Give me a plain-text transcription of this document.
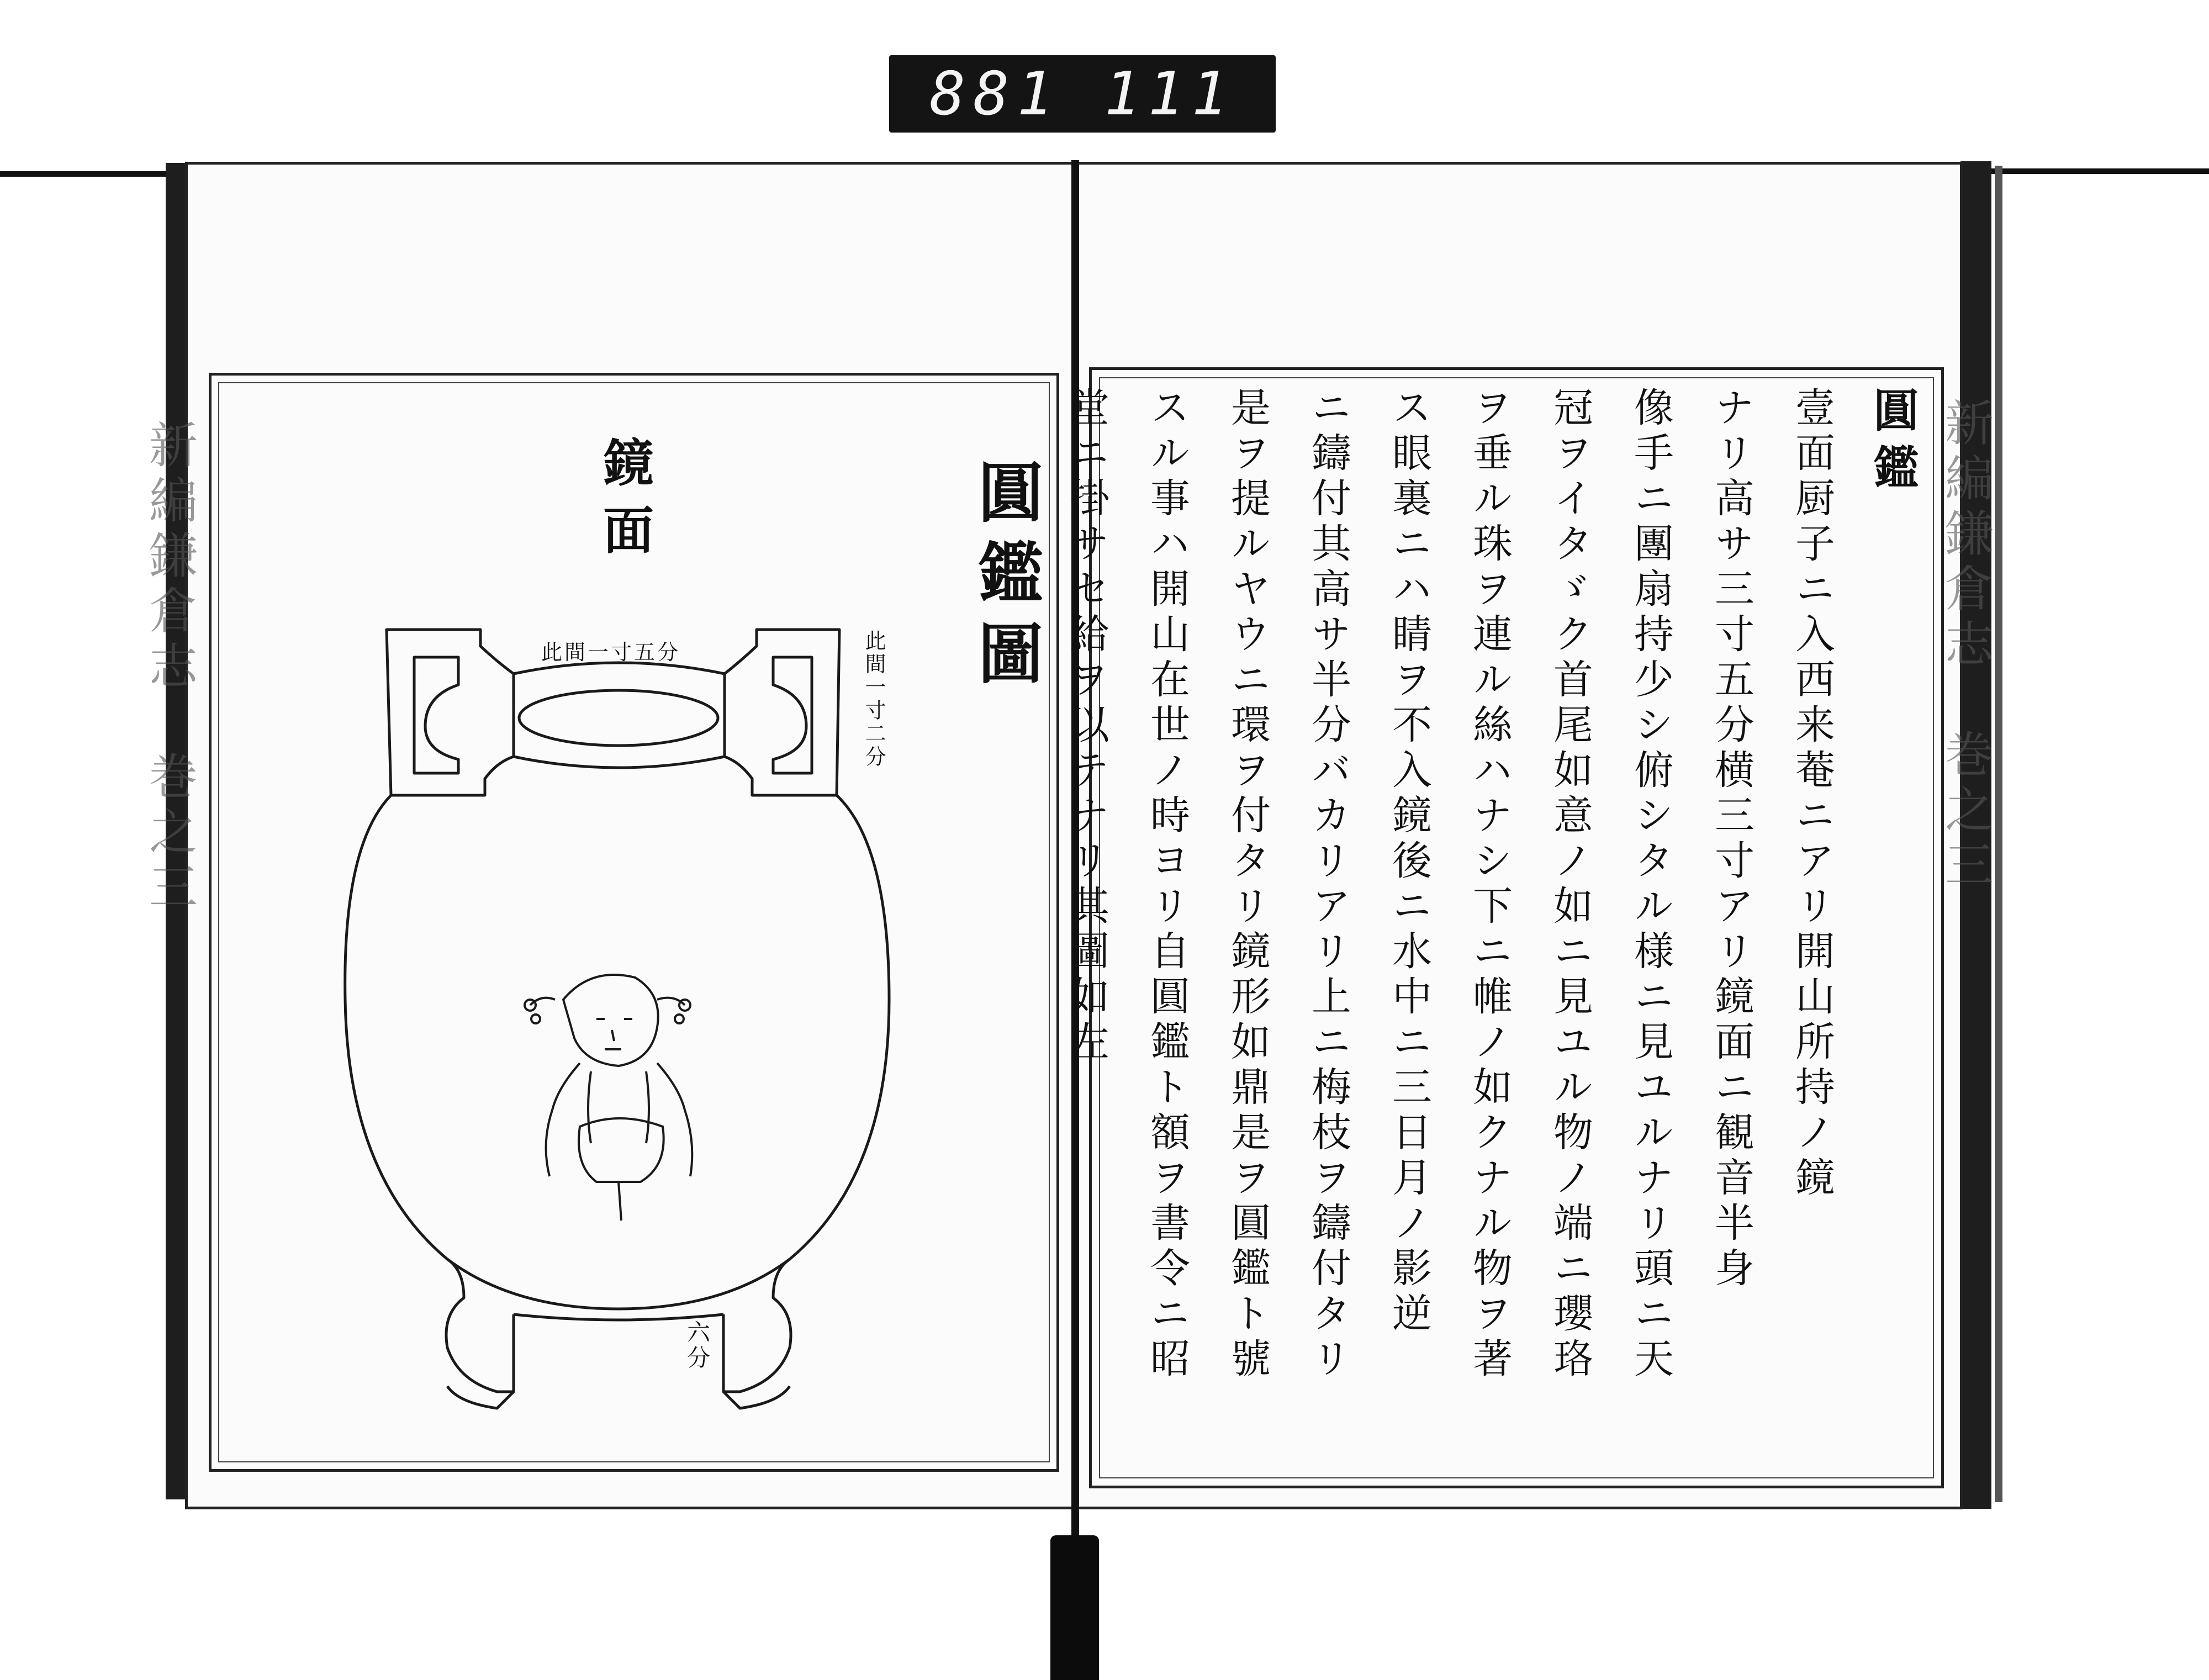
881 111
新編鎌倉志　巻之三	新編鎌倉志　巻之三
圓鑑圖
鏡面
此間一寸二分
此間一寸五分
六分
圓鑑
壹面厨子ニ入西来菴ニアリ開山所持ノ鏡
ナリ高サ三寸五分横三寸アリ鏡面ニ観音半身
像手ニ團扇持少シ俯シタル様ニ見ユルナリ頭ニ天
冠ヲイタゞク首尾如意ノ如ニ見ユル物ノ端ニ瓔珞
ヲ垂ル珠ヲ連ル絲ハナシ下ニ帷ノ如クナル物ヲ著
ス眼裏ニハ睛ヲ不入鏡後ニ水中ニ三日月ノ影逆
ニ鑄付其高サ半分バカリアリ上ニ梅枝ヲ鑄付タリ
是ヲ提ルヤウニ環ヲ付タリ鏡形如鼎是ヲ圓鑑ト號
スル事ハ開山在世ノ時ヨリ自圓鑑ト額ヲ書令ニ昭
堂ニ掛サセ給ヲ以テナリ其圖如左
